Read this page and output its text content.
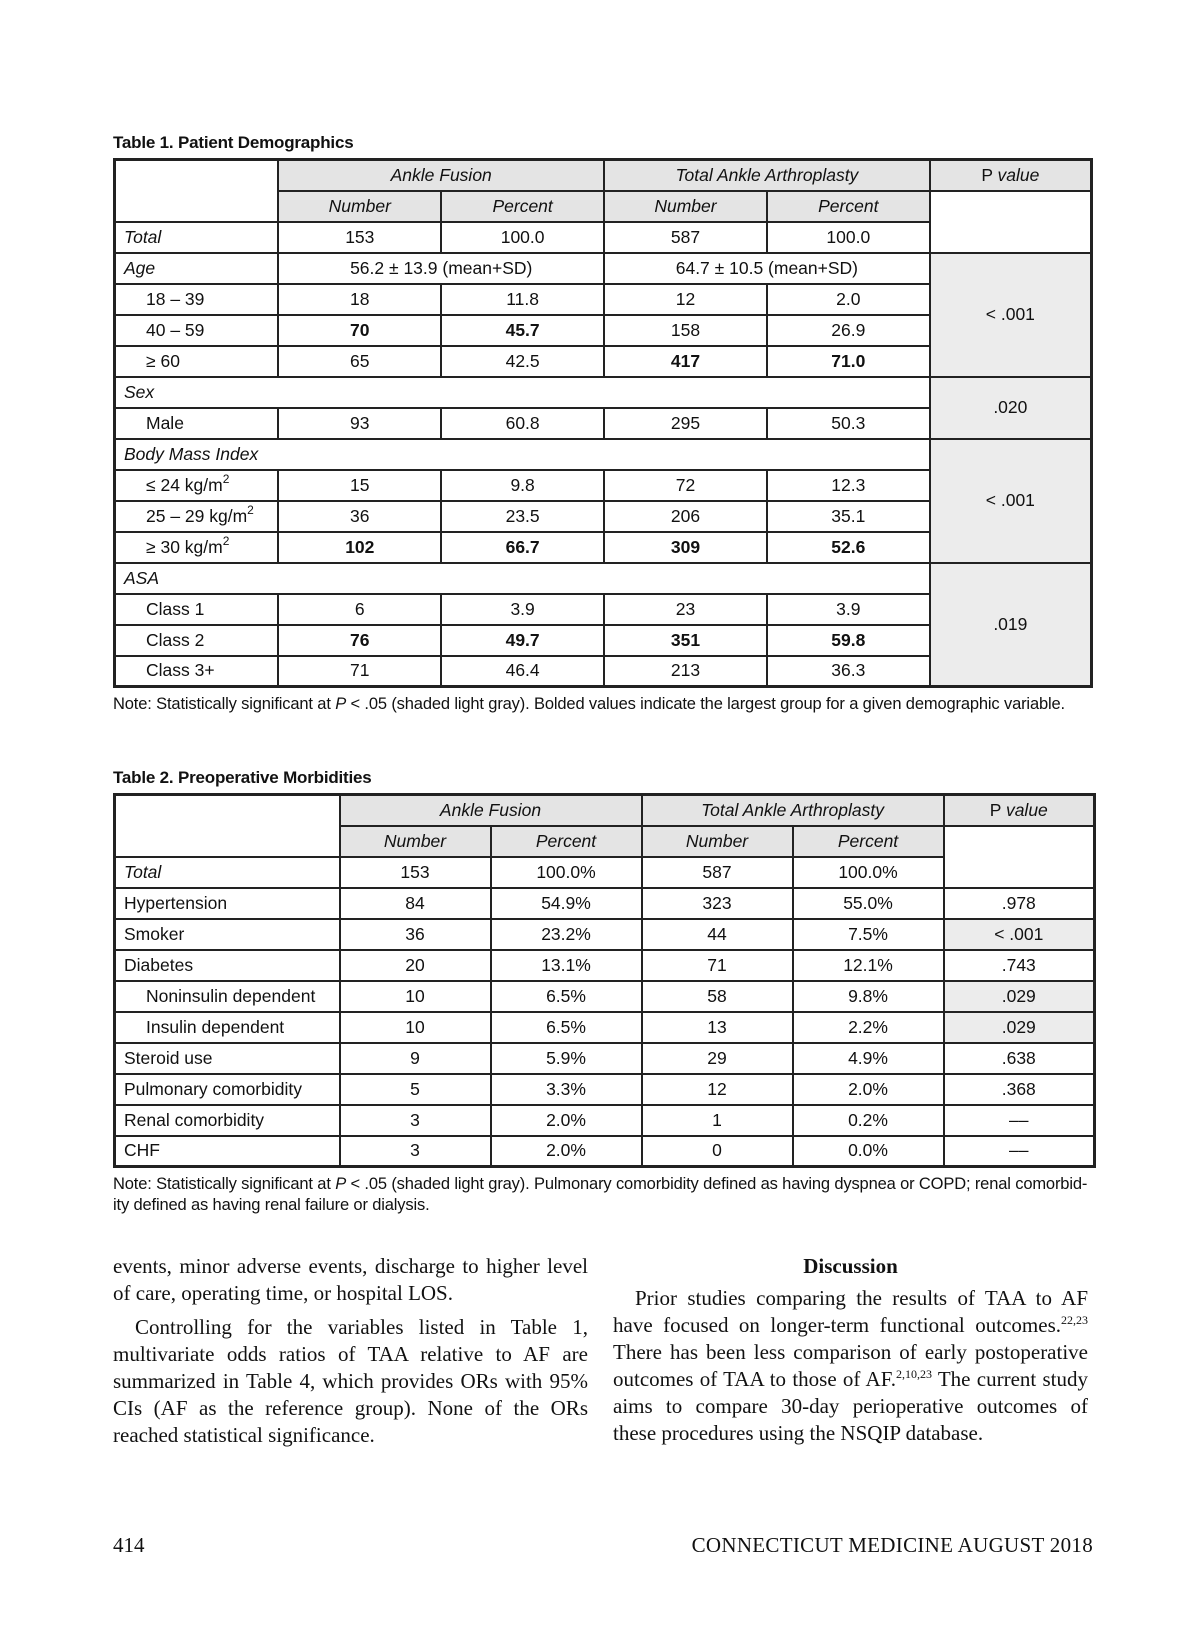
Table 1. Patient Demographics
	Ankle Fusion		Total Ankle Arthroplasty		P value
	Number	Percent	Number	Percent	
Total	153	100.0	587	100.0	
Age	56.2 ± 13.9 (mean+SD)		64.7 ± 10.5 (mean+SD)		< .001
18 – 39	18	11.8	12	2.0	
40 – 59	70	45.7	158	26.9	
≥ 60	65	42.5	417	71.0	
Sex					.020
Male	93	60.8	295	50.3	
Body Mass Index					< .001
≤ 24 $kg/m^2$	15	9.8	72	12.3	
25 – 29 $kg/m^2$	36	23.5	206	35.1	
≥ 30 $kg/m^2$	102	66.7	309	52.6	
ASA					.019
Class 1	6	3.9	23	3.9	
Class 2	76	49.7	351	59.8	
Class 3+	71	46.4	213	36.3	
Note: Statistically significant at P < .05 (shaded light gray). Bolded values indicate the largest group for a given demographic variable.
Table 2. Preoperative Morbidities
	Ankle Fusion		Total Ankle Arthroplasty		P value
	Number	Percent	Number	Percent	
Total	153	100.0%	587	100.0%	
Hypertension	84	54.9%	323	55.0%	.978
Smoker	36	23.2%	44	7.5%	< .001
Diabetes	20	13.1%	71	12.1%	.743
Noninsulin dependent	10	6.5%	58	9.8%	.029
Insulin dependent	10	6.5%	13	2.2%	.029
Steroid use	9	5.9%	29	4.9%	.638
Pulmonary comorbidity	5	3.3%	12	2.0%	.368
Renal comorbidity	3	2.0%	1	0.2%	––
CHF	3	2.0%	0	0.0%	––
Note: Statistically significant at P < .05 (shaded light gray). Pulmonary comorbidity defined as having dyspnea or COPD; renal comorbid-
ity defined as having renal failure or dialysis.

events, minor adverse events, discharge to higher level of care, operating time, or hospital LOS.

Controlling for the variables listed in Table 1, multivariate odds ratios of TAA relative to AF are summarized in Table 4, which provides ORs with 95% CIs (AF as the reference group). None of the ORs reached statistical significance.

Discussion

Prior studies comparing the results of TAA to AF have focused on longer-term functional outcomes.$^{22,23}$ There has been less comparison of early postoperative outcomes of TAA to those of AF.$^{2,10,23}$ The current study aims to compare 30-day perioperative outcomes of these procedures using the NSQIP database.

414	CONNECTICUT MEDICINE AUGUST 2018
